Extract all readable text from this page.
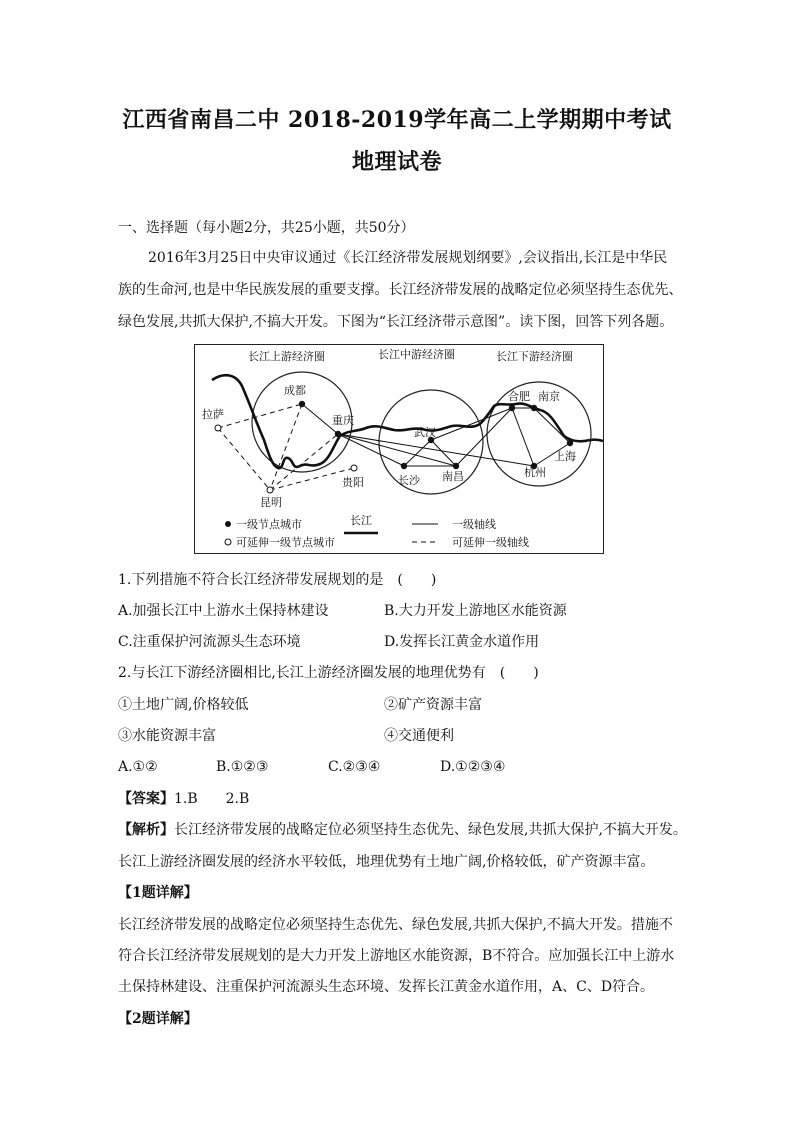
江西省南昌二中 2018-2019学年高二上学期期中考试
地理试卷
一、选择题（每小题2分，共25小题，共50分）
2016年3月25日中央审议通过《长江经济带发展规划纲要》,会议指出,长江是中华民
族的生命河,也是中华民族发展的重要支撑。长江经济带发展的战略定位必须坚持生态优先、
绿色发展,共抓大保护,不搞大开发。下图为“长江经济带示意图”。读下图，回答下列各题。
长江上游经济圈	长江中游经济圈	长江下游经济圈
拉萨
成都
重庆
昆明
贵阳
武汉
长沙 南昌
合肥 南京
上海
杭州
一级节点城市
可延伸一级节点城市
长江	一级轴线
可延伸一级轴线
1.下列措施不符合长江经济带发展规划的是　(　　)
A.加强长江中上游水土保持林建设	B.大力开发上游地区水能资源
C.注重保护河流源头生态环境	D.发挥长江黄金水道作用
2.与长江下游经济圈相比,长江上游经济圈发展的地理优势有　(　　)
①土地广阔,价格较低	②矿产资源丰富
③水能资源丰富	④交通便利
A.①②	B.①②③	C.②③④	D.①②③④
【答案】1.B　　2.B
【解析】长江经济带发展的战略定位必须坚持生态优先、绿色发展,共抓大保护,不搞大开发。
长江上游经济圈发展的经济水平较低，地理优势有土地广阔,价格较低，矿产资源丰富。
【1题详解】
长江经济带发展的战略定位必须坚持生态优先、绿色发展,共抓大保护,不搞大开发。措施不
符合长江经济带发展规划的是大力开发上游地区水能资源，B不符合。应加强长江中上游水
土保持林建设、注重保护河流源头生态环境、发挥长江黄金水道作用，A、C、D符合。
【2题详解】
